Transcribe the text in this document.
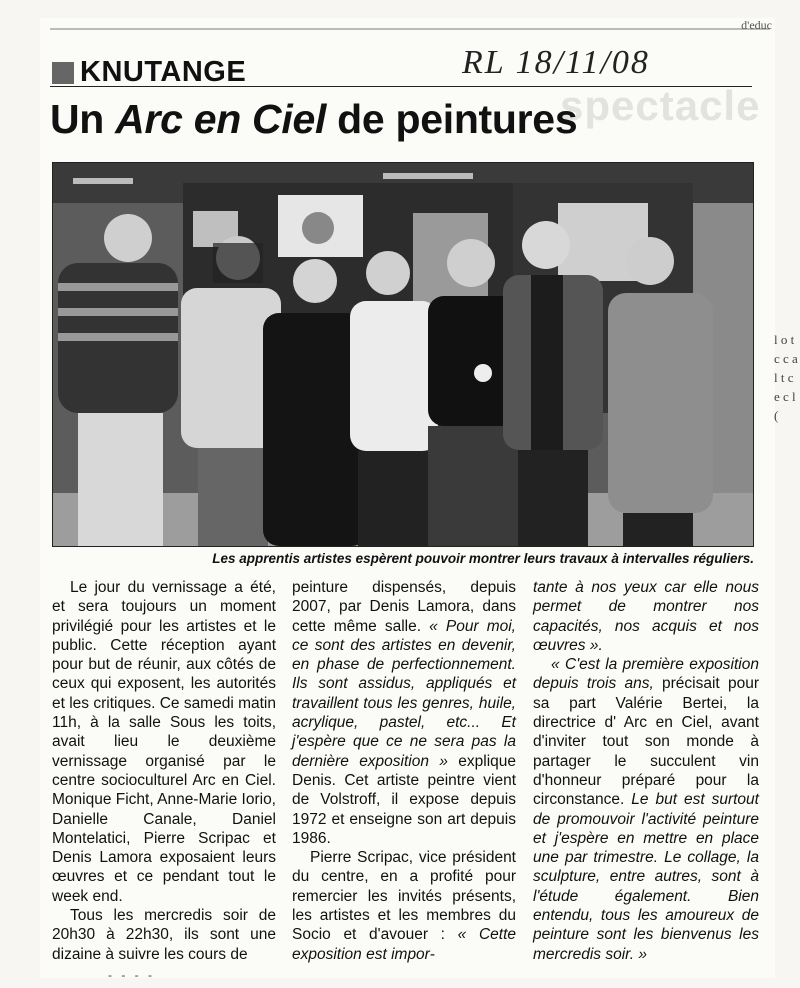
d'educ
spectacle
KNUTANGE	RL 18/11/08
Un Arc en Ciel de peintures
Les apprentis artistes espèrent pouvoir montrer leurs travaux à intervalles réguliers.

Le jour du vernissage a été, et sera toujours un moment privilégié pour les artistes et le public. Cette réception ayant pour but de réunir, aux côtés de ceux qui exposent, les autorités et les critiques. Ce samedi matin 11h, à la salle Sous les toits, avait lieu le deuxième vernissage organisé par le centre socioculturel Arc en Ciel. Monique Ficht, Anne-Marie Iorio, Danielle Canale, Daniel Montelatici, Pierre Scripac et Denis Lamora exposaient leurs œuvres et ce pendant tout le week end.

Tous les mercredis soir de 20h30 à 22h30, ils sont une dizaine à suivre les cours de

peinture dispensés, depuis 2007, par Denis Lamora, dans cette même salle. « Pour moi, ce sont des artistes en devenir, en phase de perfectionnement. Ils sont assidus, appliqués et travaillent tous les genres, huile, acrylique, pastel, etc... Et j'espère que ce ne sera pas la dernière exposition » explique Denis. Cet artiste peintre vient de Volstroff, il expose depuis 1972 et enseigne son art depuis 1986.

Pierre Scripac, vice président du centre, en a profité pour remercier les invités présents, les artistes et les membres du Socio et d'avouer : « Cette exposition est impor-

tante à nos yeux car elle nous permet de montrer nos capacités, nos acquis et nos œuvres ».

« C'est la première exposition depuis trois ans, précisait pour sa part Valérie Bertei, la directrice d' Arc en Ciel, avant d'inviter tout son monde à partager le succulent vin d'honneur préparé pour la circonstance. Le but est surtout de promouvoir l'activité peinture et j'espère en mettre en place une par trimestre. Le collage, la sculpture, entre autres, sont à l'étude également. Bien entendu, tous les amoureux de peinture sont les bienvenus les mercredis soir. »

l o t c c a l t c e c l (
- - - -
